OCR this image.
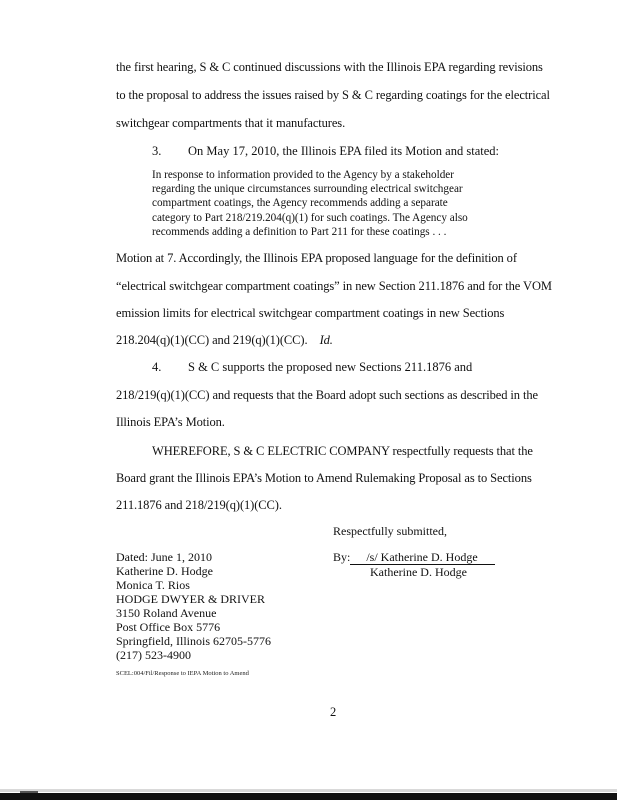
the first hearing, S & C continued discussions with the Illinois EPA regarding revisions
to the proposal to address the issues raised by S & C regarding coatings for the electrical
switchgear compartments that it manufactures.
3. On May 17, 2010, the Illinois EPA filed its Motion and stated:
In response to information provided to the Agency by a stakeholder
regarding the unique circumstances surrounding electrical switchgear
compartment coatings, the Agency recommends adding a separate
category to Part 218/219.204(q)(1) for such coatings. The Agency also
recommends adding a definition to Part 211 for these coatings . . .
Motion at 7. Accordingly, the Illinois EPA proposed language for the definition of
“electrical switchgear compartment coatings” in new Section 211.1876 and for the VOM
emission limits for electrical switchgear compartment coatings in new Sections
218.204(q)(1)(CC) and 219(q)(1)(CC). Id.
4. S & C supports the proposed new Sections 211.1876 and
218/219(q)(1)(CC) and requests that the Board adopt such sections as described in the
Illinois EPA’s Motion.
WHEREFORE, S & C ELECTRIC COMPANY respectfully requests that the
Board grant the Illinois EPA’s Motion to Amend Rulemaking Proposal as to Sections
211.1876 and 218/219(q)(1)(CC).
Respectfully submitted,
By: /s/ Katherine D. Hodge
Katherine D. Hodge
Dated: June 1, 2010
Katherine D. Hodge
Monica T. Rios
HODGE DWYER & DRIVER
3150 Roland Avenue
Post Office Box 5776
Springfield, Illinois 62705-5776
(217) 523-4900
SCEL:004/Fil/Response to IEPA Motion to Amend
2
